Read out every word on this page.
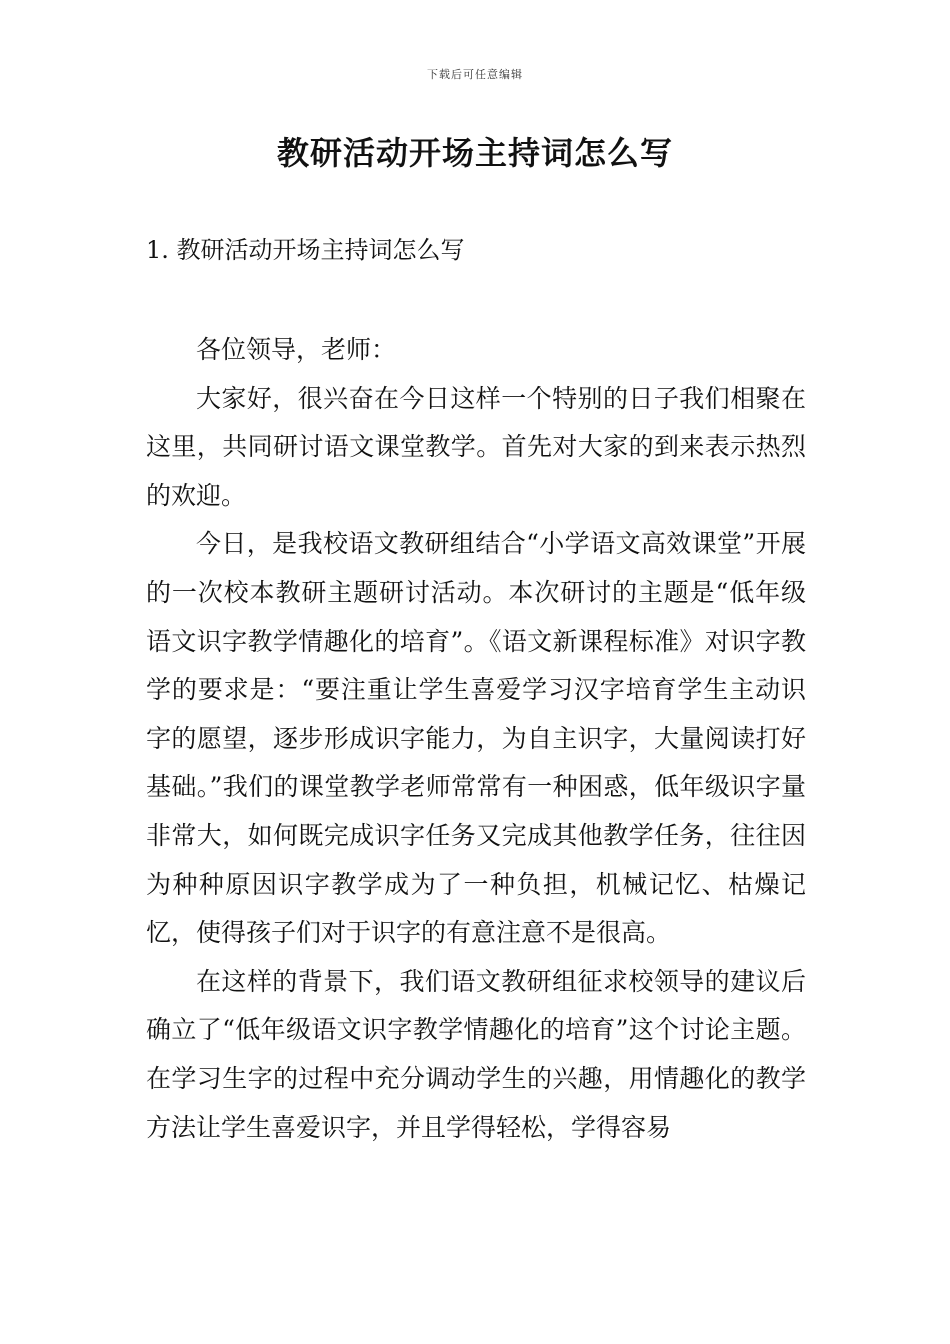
下载后可任意编辑
教研活动开场主持词怎么写
1. 教研活动开场主持词怎么写

各位领导，老师：

大家好，很兴奋在今日这样一个特别的日子我们相聚在这里，共同研讨语文课堂教学。首先对大家的到来表示热烈的欢迎。

今日，是我校语文教研组结合“小学语文高效课堂”开展的一次校本教研主题研讨活动。本次研讨的主题是“低年级语文识字教学情趣化的培育”。《语文新课程标准》对识字教学的要求是：“要注重让学生喜爱学习汉字培育学生主动识字的愿望，逐步形成识字能力，为自主识字，大量阅读打好基础。”我们的课堂教学老师常常有一种困惑，低年级识字量非常大，如何既完成识字任务又完成其他教学任务，往往因为种种原因识字教学成为了一种负担，机械记忆、枯燥记忆，使得孩子们对于识字的有意注意不是很高。

在这样的背景下，我们语文教研组征求校领导的建议后确立了“低年级语文识字教学情趣化的培育”这个讨论主题。在学习生字的过程中充分调动学生的兴趣，用情趣化的教学方法让学生喜爱识字，并且学得轻松，学得容易
